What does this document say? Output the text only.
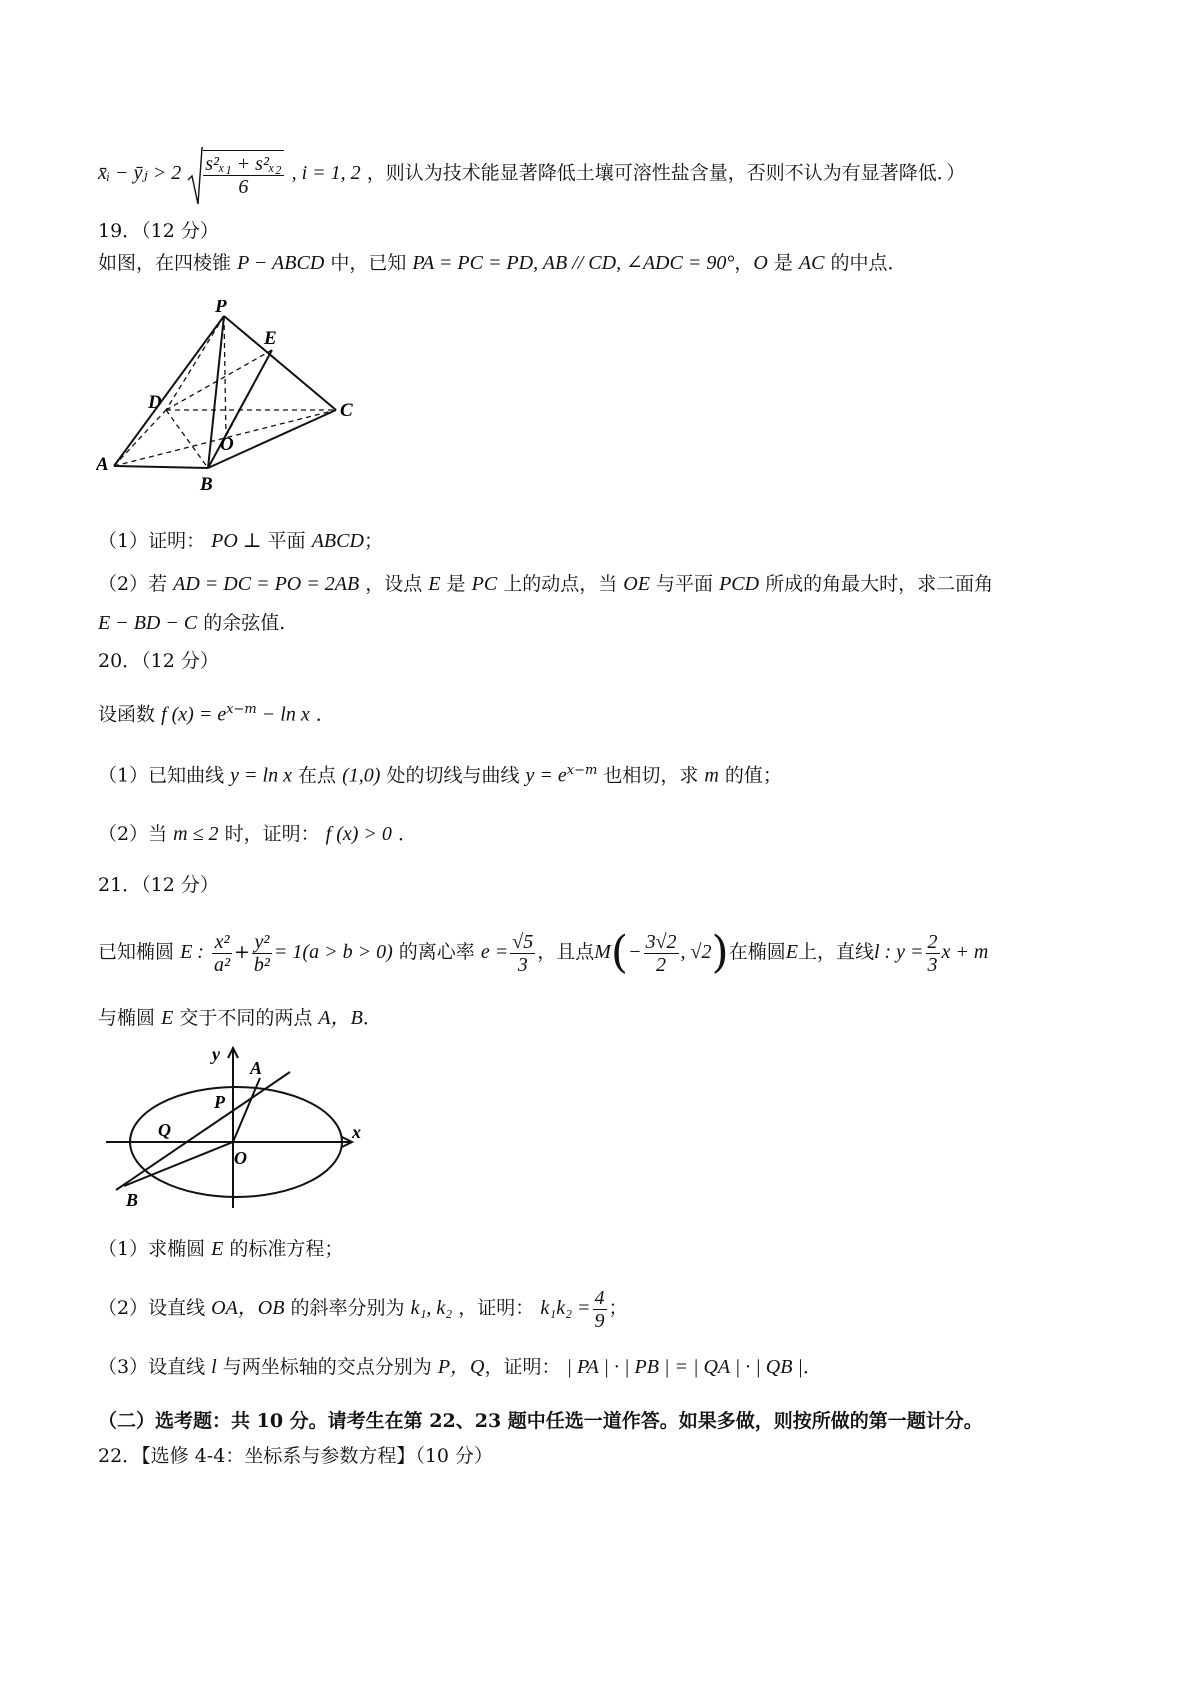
x̄ᵢ − ȳⱼ > $2 \frac{\text{s²ₓ₁ + s²ₓ₂}}{6}$ , i = 1, 2 ，则认为技术能显著降低土壤可溶性盐含量，否则不认为有显著降低．）
19．（12 分）
如图，在四棱锥 P − ABCD 中，已知 PA = PC = PD, AB // CD, ∠ADC = 90°，O 是 AC 的中点．
P
E
D	C
O
A
B
（1）证明： PO ⊥ 平面 ABCD；
（2）若 AD = DC = PO = 2AB ，设点 E 是 PC 上的动点，当 OE 与平面 PCD 所成的角最大时，求二面角
E − BD − C 的余弦值.
20．（12 分）
设函数 f $(x) = e^{x-m} - \ln x$ ．
（1）已知曲线 y = ln x 在点 (1,0) 处的切线与曲线 $y = e^{x-m}$ 也相切，求 m 的值；
（2）当 m ≤ 2 时，证明： f (x) > 0 ．
21．（12 分）
已知椭圆 E : $\frac{\text{x²}}{\text{a²}} + \frac{\text{y²}}{\text{b²}} = 1(a > b > 0)$ 的离心率 $e = \frac{√5}{3}$ ，且点$M(- \frac{3√2}{2}$ , √2)在椭圆E上，直线l : $y = \frac{2}{3}$ x + m
与椭圆 E 交于不同的两点 A，B．
y
x
A
P
Q
O
B
（1）求椭圆 E 的标准方程；
（2）设直线 OA，OB 的斜率分别为 k₁, k₂ ，证明： $k_1k_2 = \frac{4}{9}$ ；
（3）设直线 l 与两坐标轴的交点分别为 P，Q，证明： | PA | · | PB | = | QA | · | QB |．
（二）选考题：共 10 分。请考生在第 22、23 题中任选一道作答。如果多做，则按所做的第一题计分。
22．【选修 4-4：坐标系与参数方程】（10 分）
